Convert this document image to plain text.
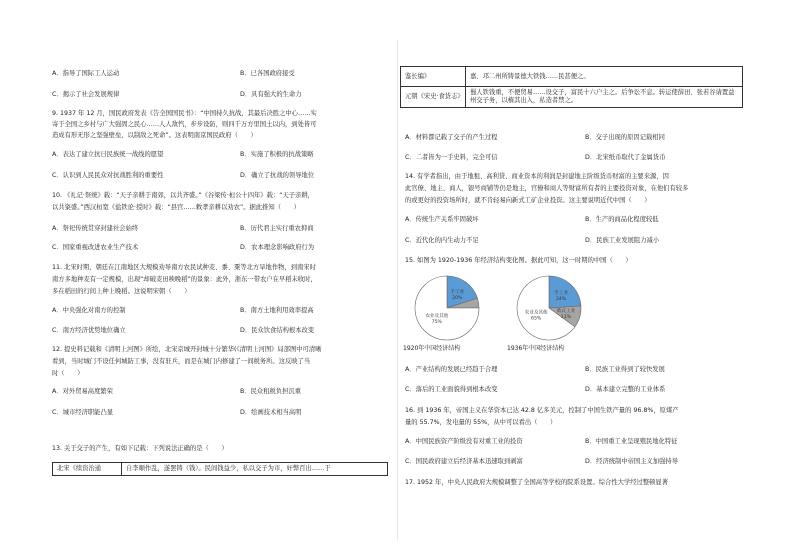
A．指导了国际工人运动	B．已各国政府接受
C．揭示了社会发展规律	D．具有强大的生命力
9. 1937 年 12 月，国民政府发表《告全国国民书》：“中国持久抗战，其最后决胜之中心……实
寄于全国之乡村与广大强固之民心……人人敌忾，步步设防，则四千万方里国土以内，到处皆可
造成有形无形之坚强壁垒，以制敌之死命”。这表明南京国民政府（　　）
A．表达了建立抗日民族统一战线的愿望	B．实施了积极的抗战策略
C．认识到人民民众对抗战胜利的重要性	D．确立了抗战的领导地位
10. 《礼记·祭统》载：“天子亲耕于南郊，以共齐盛。”《谷梁传·桓公十四年》载：“天子亲耕，
以共粢盛。”西汉桓宽《盐铁论·授时》载：“县官……敕孝亲耕以劝农”。据此推知（　　）
A．祭祀传统贯穿封建社会始终	B．历代君主实行重农抑商
C．国家重视改进农业生产技术	D．农本理念影响政府行为
11. 北宋时期，朝廷在江南地区大规模劝导南方农民试种麦、黍、粟等北方旱地作物，到南宋时
南方多地种麦有一定规模，出现“却破麦田秧晚稻”的景象：此外，浙东一带农户在早稻未收时，
多在稻田的行间上种上晚稻。这说明宋朝（　　）
A．中央强化对南方的控制	B．南方土地利用效率提高
C．南方经济优势地位确立	D．民众饮食结构根本改变
12. 提史料记载和《清明上河图》所绘，北宋京城开封城十分繁华(《清明上河图》局部图中可清晰
看到，当时城门不设任何城防工事，没有驻兵，而是在城门内修建了一间税务所。这反映了当
时（　　）
A．对外贸易高度繁荣	B．民众租税负担沉重
C．城市经济职能凸显	D．绘画技术相当高明
13. 关于交子的产生，有如下记载：下列说法正确的是（　　）
北宋《续资治通	自李顺作乱，遂罢铸（钱）。民间钱益少，私以交子为市，奸弊百出……于
鉴长编》	嘉、邛二州所铸景德大铁钱……民甚便之。
元朝《宋史·食货志》	蜀人铁钱重，不便贸易……设交子，富民十六户主之。后争讼不息。转运使薛田、张若谷请置益州交子务，以榷其出入，私造者禁之。
A．材料都记载了交子的产生过程	B．交子出现的原因记载相同
C．二者皆为一手史料，完全可信	D．北宋纸币取代了金属货币
14. 有学者指出，由于地租、高利贷、商业资本的利润是封建地主阶级货币财富的主要来源，因
此官僚、地主、商人，银号商铺等仍是地主，官僚和商人等财富所有者的主要投资对象，在他们有较多
的或更好的投资场所时，就不肯轻易向新式工矿企业投资。这主要说明近代中国（　　）
A．传统生产关系牢固破坏	B．生产的商品化程度较低
C．近代化的内生动力不足	D．民族工业发展阻力减小
15. 如图为 1920-1936 年经济结构变化图。据此可知，这一时期的中国（　　）
手工业
20%
农业及其他
75%
1920年中国经济结构
手工业
24%
新式工业
11%
农业及其他
65%
1936年中国经济结构
A．产业结构的发展已经趋于合理	B．民族工业得到了较快发展
C．落后的工业面貌得到根本改变	D．基本建立完整的工业体系
16. 到 1936 年，帝国主义在华资本已达 42.8 亿多美元，控制了中国生铁产量的 96.8%，原煤产
量的 55.7%，发电量的 55%，从中可以看出（　　）
A．中国民族资产阶级没有对重工业的投资	B．中国重工业呈现殖民地化特征
C．国民政府建立后经济基本迅速取到剥富	D．经济统制中帝国主义加强持导
17. 1952 年，中央人民政府大规模调整了全国高等学校的院系设置。综合性大学经过整顿显著
